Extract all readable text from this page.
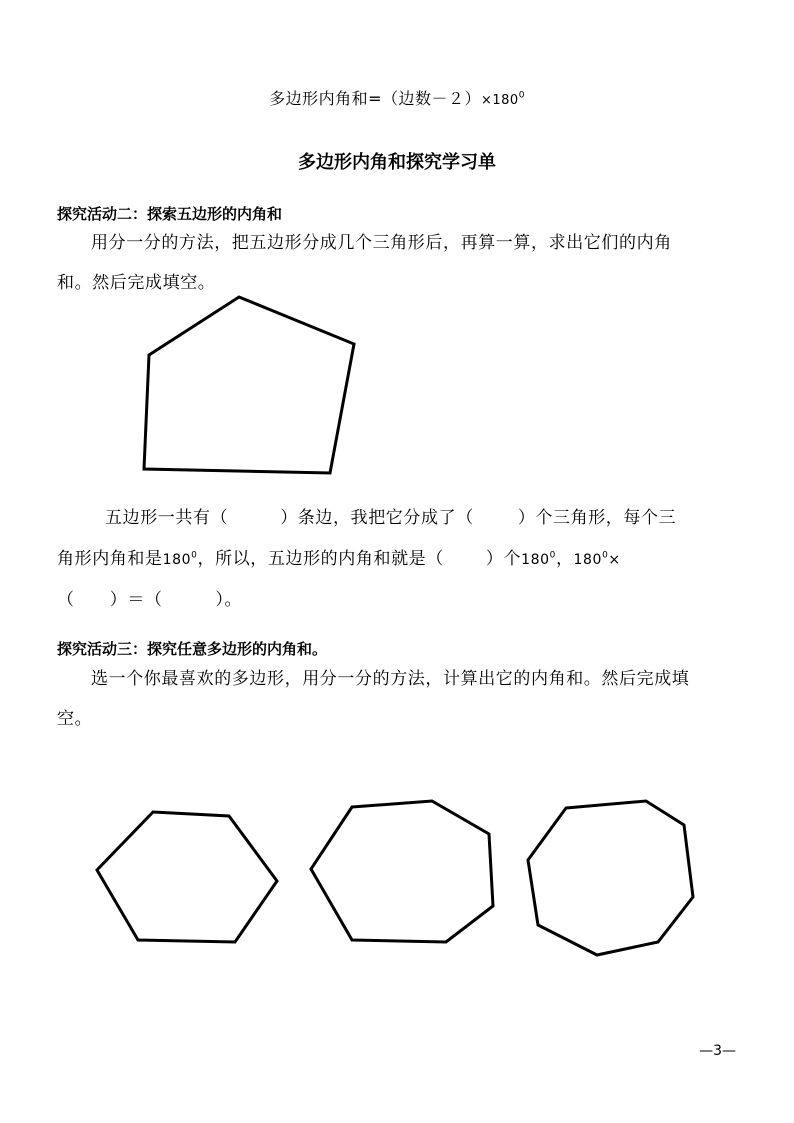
多边形内角和=（边数$-2)\times 180^0$
多边形内角和探究学习单
探究活动二：探索五边形的内角和
用分一分的方法，把五边形分成几个三角形后，再算一算，求出它们的内角
和。然后完成填空。
五边形一共有（	）条边，我把它分成了（	）个三角形，每个三
角形内角和是$180^0$，所以，五边形的内角和就是（ ）个$180^0$，$180^0\times$
（　　）＝（　　　）。
探究活动三：探究任意多边形的内角和。
选一个你最喜欢的多边形，用分一分的方法，计算出它的内角和。然后完成填
空。
—3—
